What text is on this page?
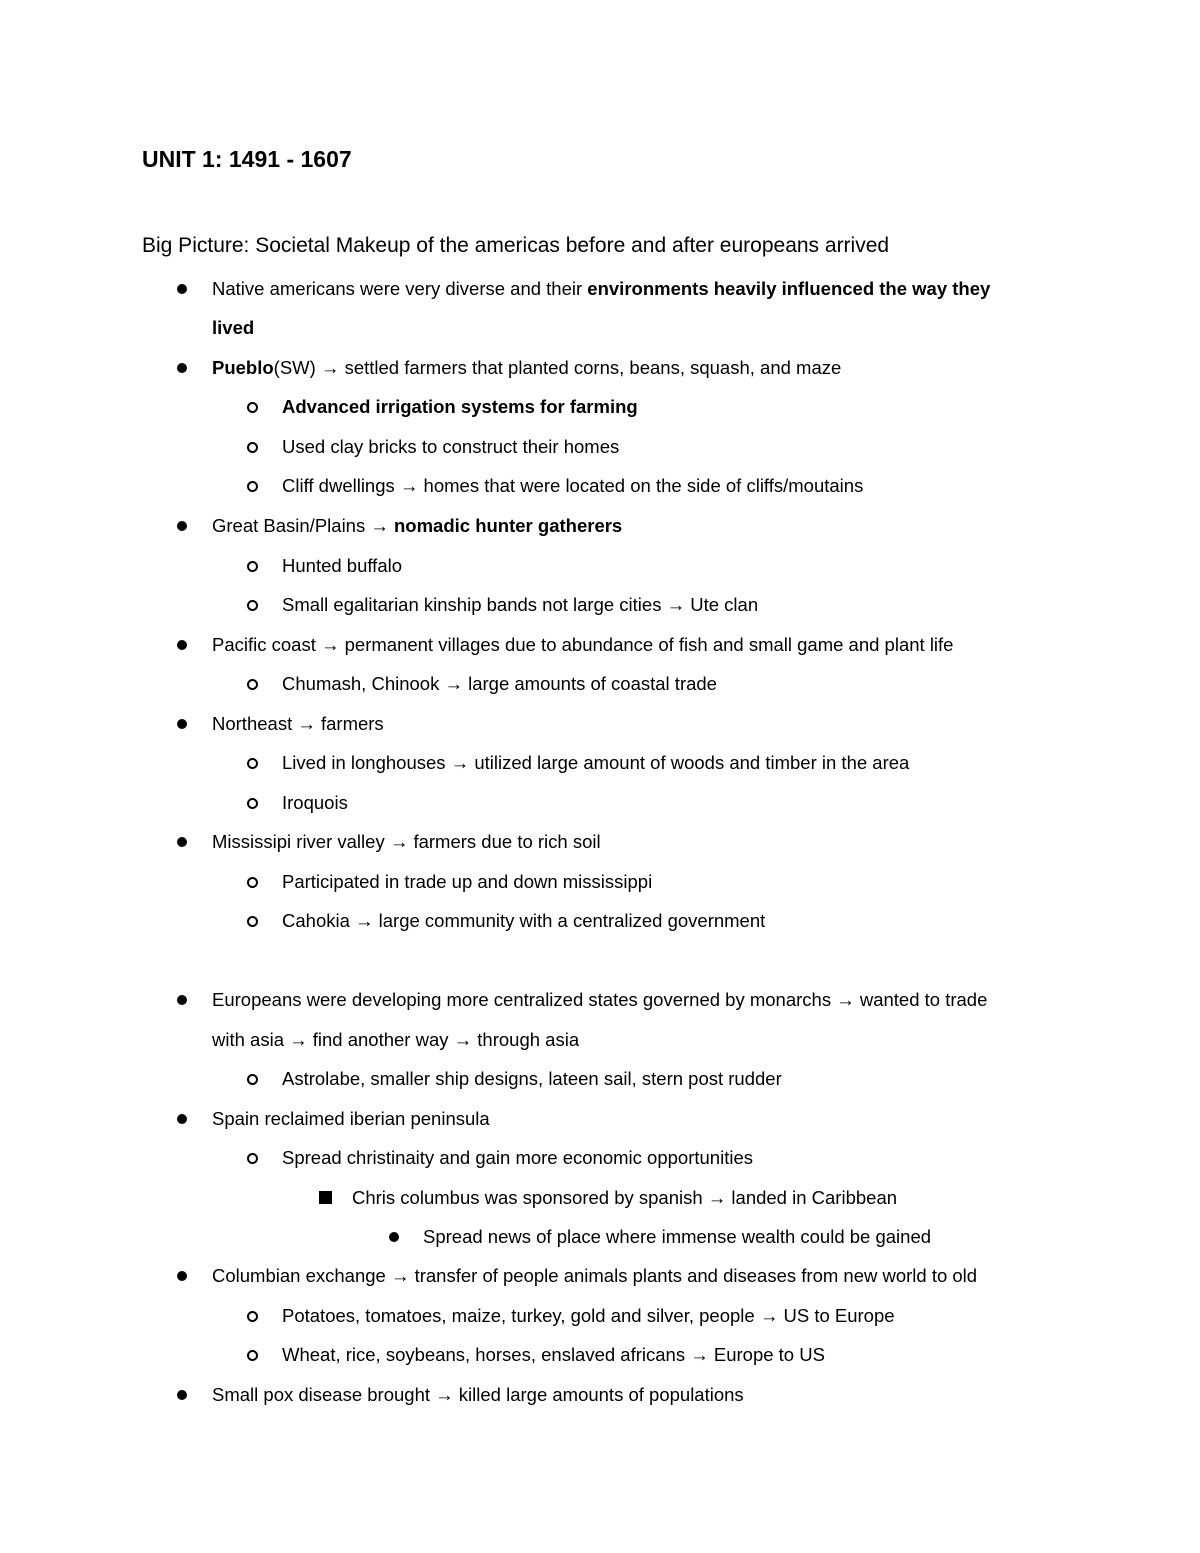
UNIT 1: 1491 - 1607
Big Picture: Societal Makeup of the americas before and after europeans arrived
Native americans were very diverse and their environments heavily influenced the way they
lived
Pueblo(SW) → settled farmers that planted corns, beans, squash, and maze
Advanced irrigation systems for farming
Used clay bricks to construct their homes
Cliff dwellings → homes that were located on the side of cliffs/moutains
Great Basin/Plains → nomadic hunter gatherers
Hunted buffalo
Small egalitarian kinship bands not large cities → Ute clan
Pacific coast → permanent villages due to abundance of fish and small game and plant life
Chumash, Chinook → large amounts of coastal trade
Northeast → farmers
Lived in longhouses → utilized large amount of woods and timber in the area
Iroquois
Mississipi river valley → farmers due to rich soil
Participated in trade up and down mississippi
Cahokia → large community with a centralized government
Europeans were developing more centralized states governed by monarchs → wanted to trade
with asia → find another way → through asia
Astrolabe, smaller ship designs, lateen sail, stern post rudder
Spain reclaimed iberian peninsula
Spread christinaity and gain more economic opportunities
Chris columbus was sponsored by spanish → landed in Caribbean
Spread news of place where immense wealth could be gained
Columbian exchange → transfer of people animals plants and diseases from new world to old
Potatoes, tomatoes, maize, turkey, gold and silver, people → US to Europe
Wheat, rice, soybeans, horses, enslaved africans → Europe to US
Small pox disease brought → killed large amounts of populations
